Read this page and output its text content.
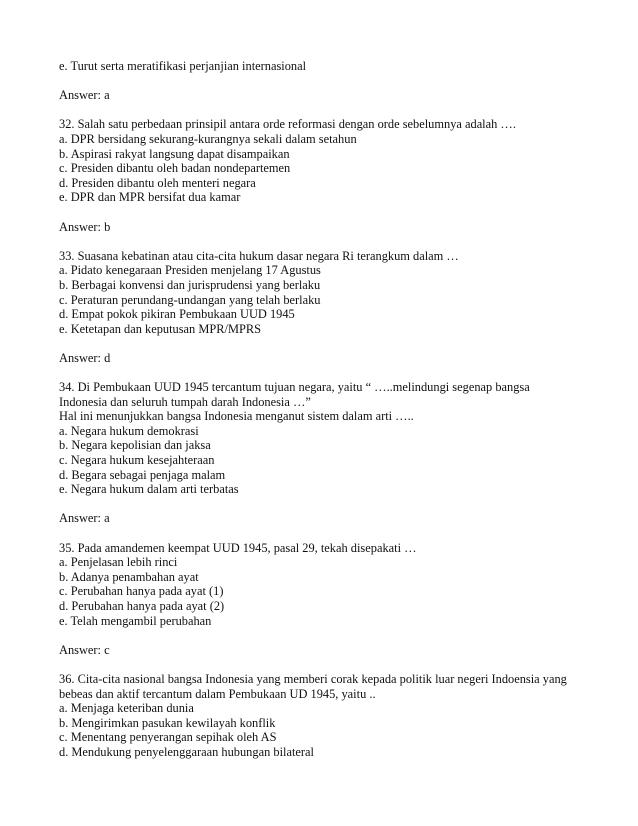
e. Turut serta meratifikasi perjanjian internasional
Answer: a
32. Salah satu perbedaan prinsipil antara orde reformasi dengan orde sebelumnya adalah ….
a. DPR bersidang sekurang-kurangnya sekali dalam setahun
b. Aspirasi rakyat langsung dapat disampaikan
c. Presiden dibantu oleh badan nondepartemen
d. Presiden dibantu oleh menteri negara
e. DPR dan MPR bersifat dua kamar
Answer: b
33. Suasana kebatinan atau cita-cita hukum dasar negara Ri terangkum dalam …
a. Pidato kenegaraan Presiden menjelang 17 Agustus
b. Berbagai konvensi dan jurisprudensi yang berlaku
c. Peraturan perundang-undangan yang telah berlaku
d. Empat pokok pikiran Pembukaan UUD 1945
e. Ketetapan dan keputusan MPR/MPRS
Answer: d
34. Di Pembukaan UUD 1945 tercantum tujuan negara, yaitu “ …..melindungi segenap bangsa
Indonesia dan seluruh tumpah darah Indonesia …”
Hal ini menunjukkan bangsa Indonesia menganut sistem dalam arti …..
a. Negara hukum demokrasi
b. Negara kepolisian dan jaksa
c. Negara hukum kesejahteraan
d. Begara sebagai penjaga malam
e. Negara hukum dalam arti terbatas
Answer: a
35. Pada amandemen keempat UUD 1945, pasal 29, tekah disepakati …
a. Penjelasan lebih rinci
b. Adanya penambahan ayat
c. Perubahan hanya pada ayat (1)
d. Perubahan hanya pada ayat (2)
e. Telah mengambil perubahan
Answer: c
36. Cita-cita nasional bangsa Indonesia yang memberi corak kepada politik luar negeri Indoensia yang
bebeas dan aktif tercantum dalam Pembukaan UD 1945, yaitu ..
a. Menjaga keteriban dunia
b. Mengirimkan pasukan kewilayah konflik
c. Menentang penyerangan sepihak oleh AS
d. Mendukung penyelenggaraan hubungan bilateral
